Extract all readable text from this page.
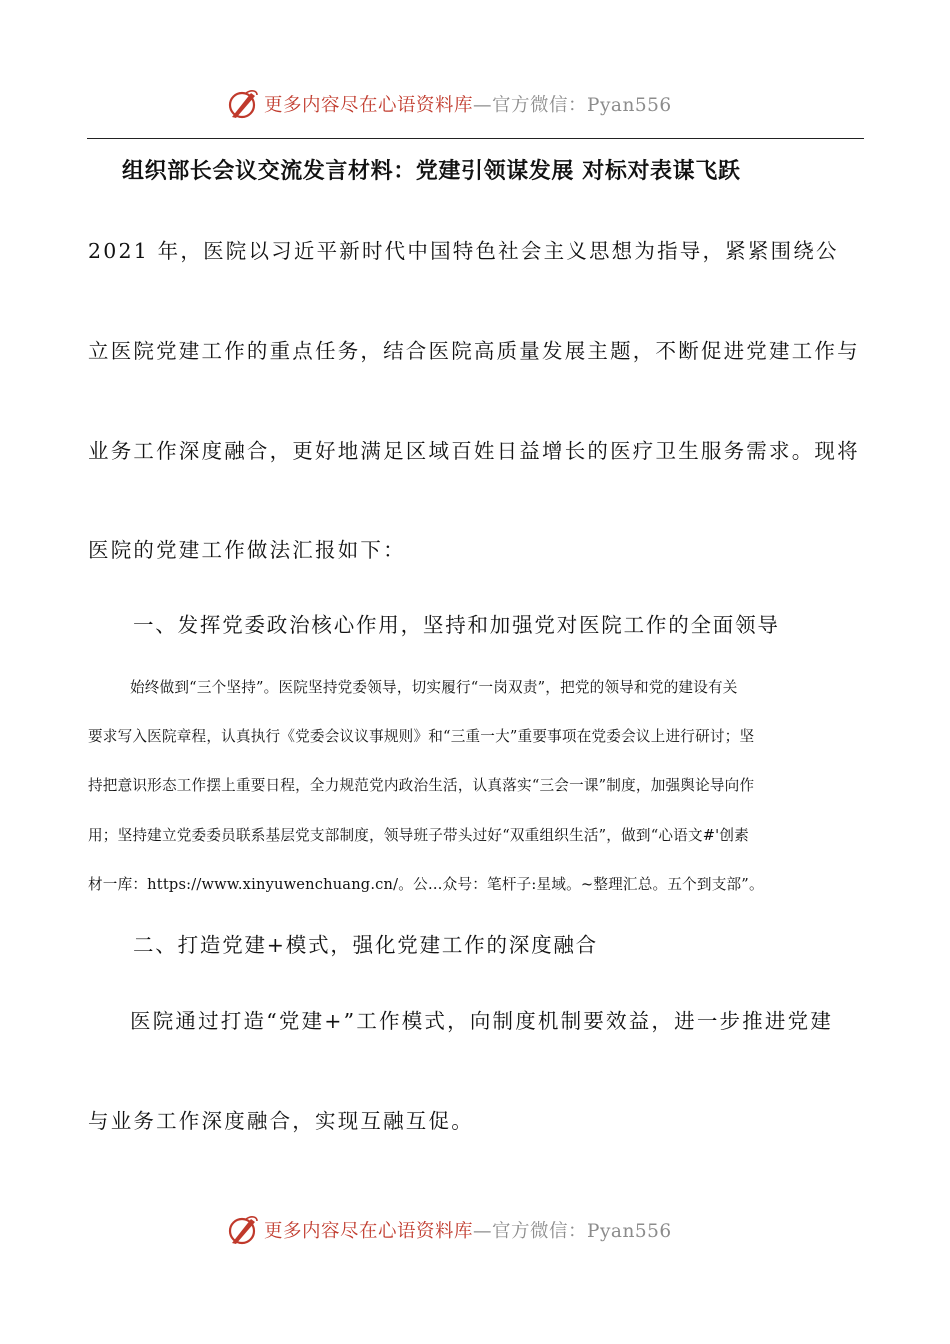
更多内容尽在心语资料库 —官方微信：Pyan556
组织部长会议交流发言材料：党建引领谋发展 对标对表谋飞跃
2021 年，医院以习近平新时代中国特色社会主义思想为指导，紧紧围绕公
立医院党建工作的重点任务，结合医院高质量发展主题，不断促进党建工作与
业务工作深度融合，更好地满足区域百姓日益增长的医疗卫生服务需求。现将
医院的党建工作做法汇报如下：
一、发挥党委政治核心作用，坚持和加强党对医院工作的全面领导
始终做到“三个坚持”。医院坚持党委领导，切实履行“一岗双责”，把党的领导和党的建设有关
要求写入医院章程，认真执行《党委会议议事规则》和“三重一大”重要事项在党委会议上进行研讨；坚
持把意识形态工作摆上重要日程，全力规范党内政治生活，认真落实“三会一课”制度，加强舆论导向作
用；坚持建立党委委员联系基层党支部制度，领导班子带头过好“双重组织生活”，做到“心语文#'创素
材一库：https://www.xinyuwenchuang.cn/。公…众号：笔杆子:星域。~整理汇总。五个到支部”。
二、打造党建+模式，强化党建工作的深度融合
医院通过打造“党建+”工作模式，向制度机制要效益，进一步推进党建
与业务工作深度融合，实现互融互促。
更多内容尽在心语资料库 —官方微信：Pyan556
